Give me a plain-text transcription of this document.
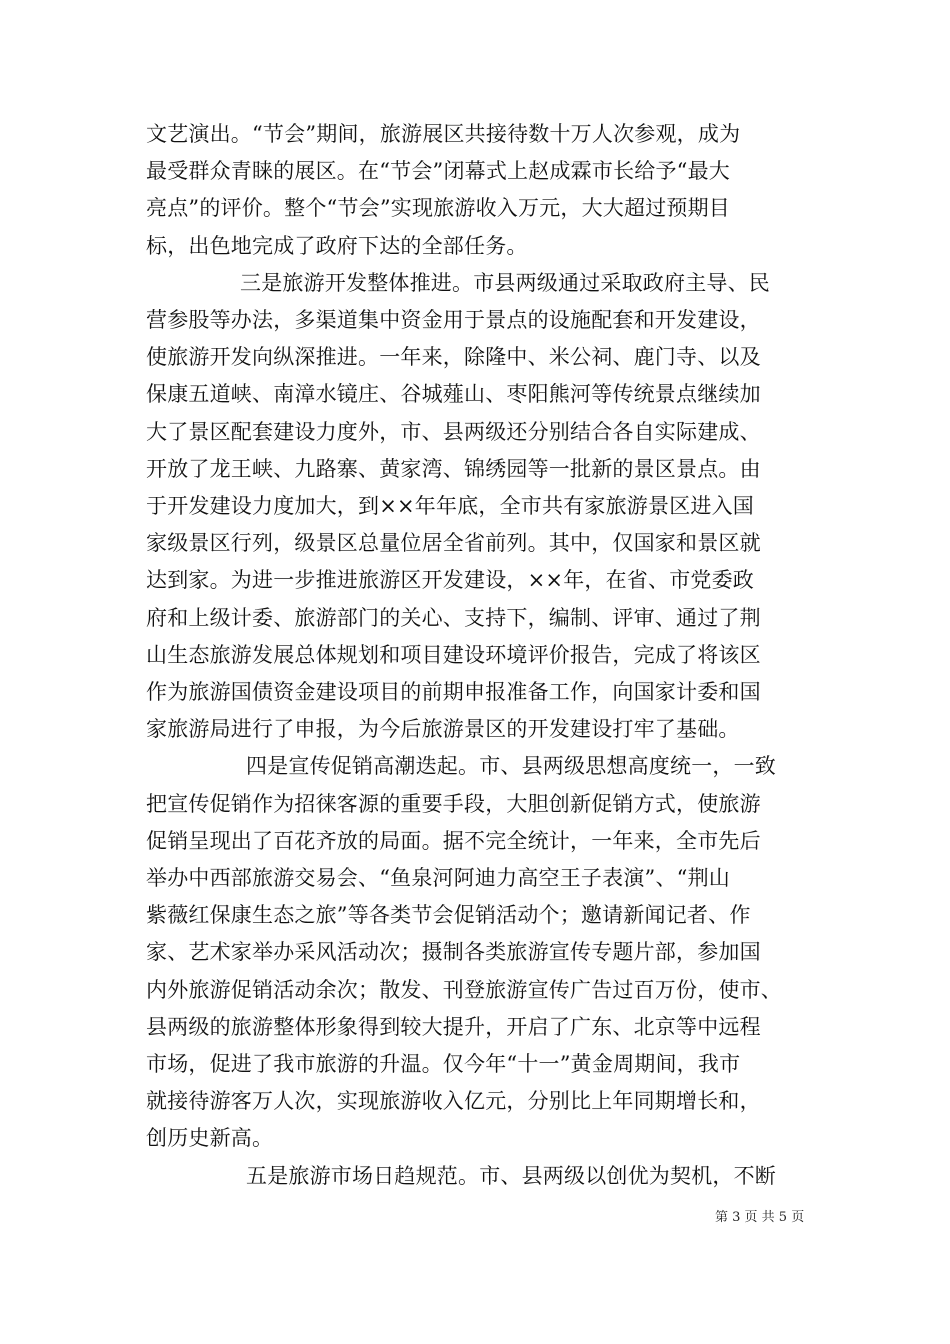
文艺演出。“节会”期间，旅游展区共接待数十万人次参观，成为
最受群众青睐的展区。在“节会”闭幕式上赵成霖市长给予“最大
亮点”的评价。整个“节会”实现旅游收入万元，大大超过预期目
标，出色地完成了政府下达的全部任务。

三是旅游开发整体推进。市县两级通过采取政府主导、民
营参股等办法，多渠道集中资金用于景点的设施配套和开发建设，
使旅游开发向纵深推进。一年来，除隆中、米公祠、鹿门寺、以及
保康五道峡、南漳水镜庄、谷城薤山、枣阳熊河等传统景点继续加
大了景区配套建设力度外，市、县两级还分别结合各自实际建成、
开放了龙王峡、九路寨、黄家湾、锦绣园等一批新的景区景点。由
于开发建设力度加大，到××年年底，全市共有家旅游景区进入国
家级景区行列，级景区总量位居全省前列。其中，仅国家和景区就
达到家。为进一步推进旅游区开发建设，××年，在省、市党委政
府和上级计委、旅游部门的关心、支持下，编制、评审、通过了荆
山生态旅游发展总体规划和项目建设环境评价报告，完成了将该区
作为旅游国债资金建设项目的前期申报准备工作，向国家计委和国
家旅游局进行了申报，为今后旅游景区的开发建设打牢了基础。

四是宣传促销高潮迭起。市、县两级思想高度统一，一致
把宣传促销作为招徕客源的重要手段，大胆创新促销方式，使旅游
促销呈现出了百花齐放的局面。据不完全统计，一年来，全市先后
举办中西部旅游交易会、“鱼泉河阿迪力高空王子表演”、“荆山
紫薇红保康生态之旅”等各类节会促销活动个；邀请新闻记者、作
家、艺术家举办采风活动次；摄制各类旅游宣传专题片部，参加国
内外旅游促销活动余次；散发、刊登旅游宣传广告过百万份，使市、
县两级的旅游整体形象得到较大提升，开启了广东、北京等中远程
市场，促进了我市旅游的升温。仅今年“十一”黄金周期间，我市
就接待游客万人次，实现旅游收入亿元，分别比上年同期增长和，
创历史新高。

五是旅游市场日趋规范。市、县两级以创优为契机，不断

第 3 页 共 5 页
